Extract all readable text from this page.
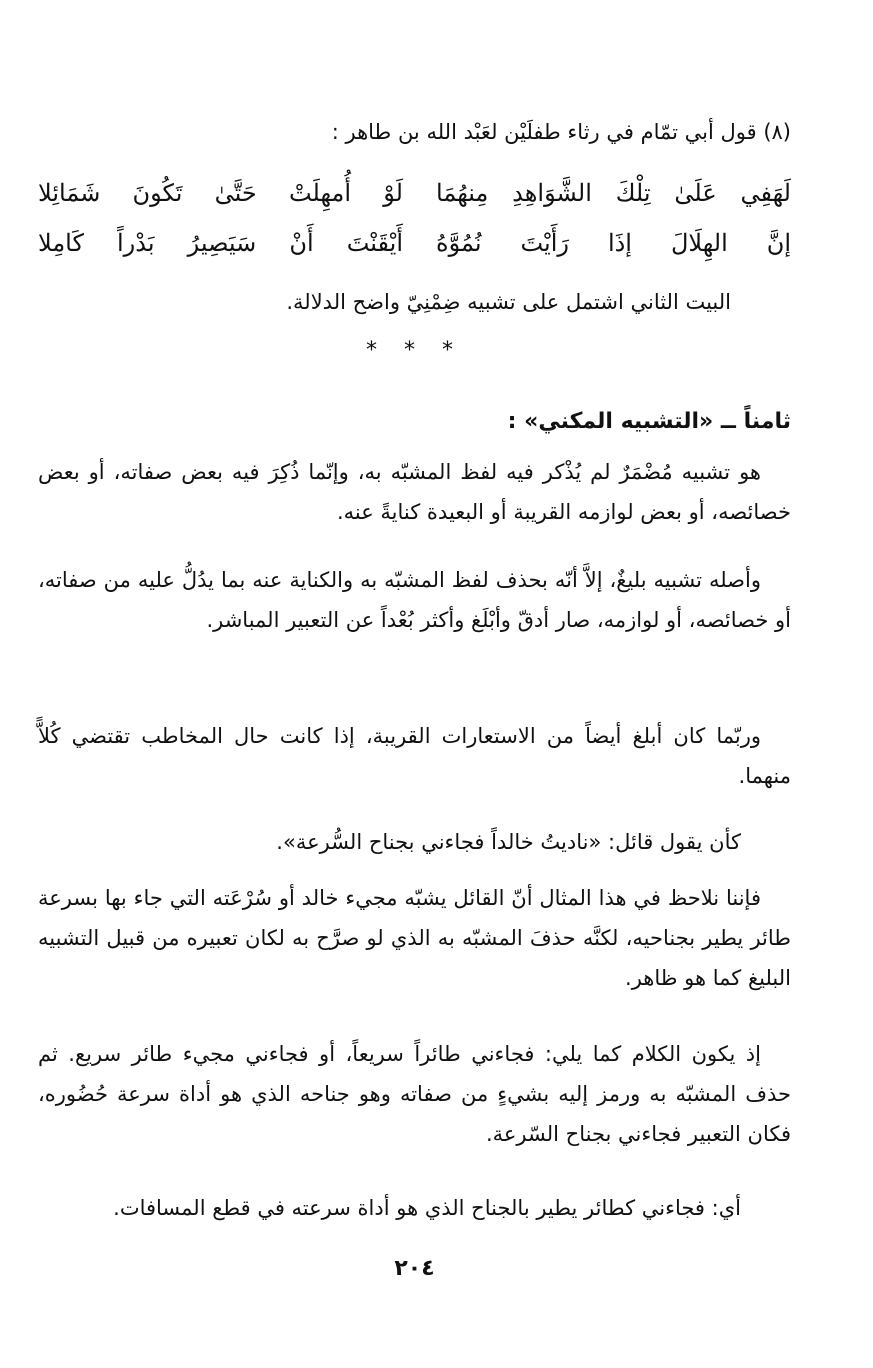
(٨) قول أبي تمّام في رثاء طفلَيْن لعَبْد الله بن طاهر :

لَهَفِي عَلَىٰ تِلْكَ الشَّوَاهِدِ مِنهُمَا
لَوْ أُمهِلَتْ حَتَّىٰ تَكُونَ شَمَائِلا
إنَّ الهِلَالَ إذَا رَأَيْتَ نُمُوَّهُ
أَيْقَنْتَ أَنْ سَيَصِيرُ بَدْراً كَامِلا

البيت الثاني اشتمل على تشبيه ضِمْنِيّ واضح الدلالة.

* * *
ثامناً ــ «التشبيه المكني» :

هو تشبيه مُضْمَرٌ لم يُذْكر فيه لفظ المشبّه به، وإنّما ذُكِرَ فيه بعض صفاته، أو بعض خصائصه، أو بعض لوازمه القريبة أو البعيدة كنايةً عنه.

وأصله تشبيه بليغٌ، إلاَّ أنّه بحذف لفظ المشبّه به والكناية عنه بما يدُلُّ عليه من صفاته، أو خصائصه، أو لوازمه، صار أدقّ وأبْلَغ وأكثر بُعْداً عن التعبير المباشر.

وربّما كان أبلغ أيضاً من الاستعارات القريبة، إذا كانت حال المخاطب تقتضي كُلاًّ منهما.

كأن يقول قائل: «ناديتُ خالداً فجاءني بجناح السُّرعة».

فإننا نلاحظ في هذا المثال أنّ القائل يشبّه مجيء خالد أو سُرْعَته التي جاء بها بسرعة طائر يطير بجناحيه، لكنَّه حذفَ المشبّه به الذي لو صرَّح به لكان تعبيره من قبيل التشبيه البليغ كما هو ظاهر.

إذ يكون الكلام كما يلي: فجاءني طائراً سريعاً، أو فجاءني مجيء طائر سريع. ثم حذف المشبّه به ورمز إليه بشيءٍ من صفاته وهو جناحه الذي هو أداة سرعة حُضُوره، فكان التعبير فجاءني بجناح السّرعة.

أي: فجاءني كطائر يطير بالجناح الذي هو أداة سرعته في قطع المسافات.

٢٠٤
